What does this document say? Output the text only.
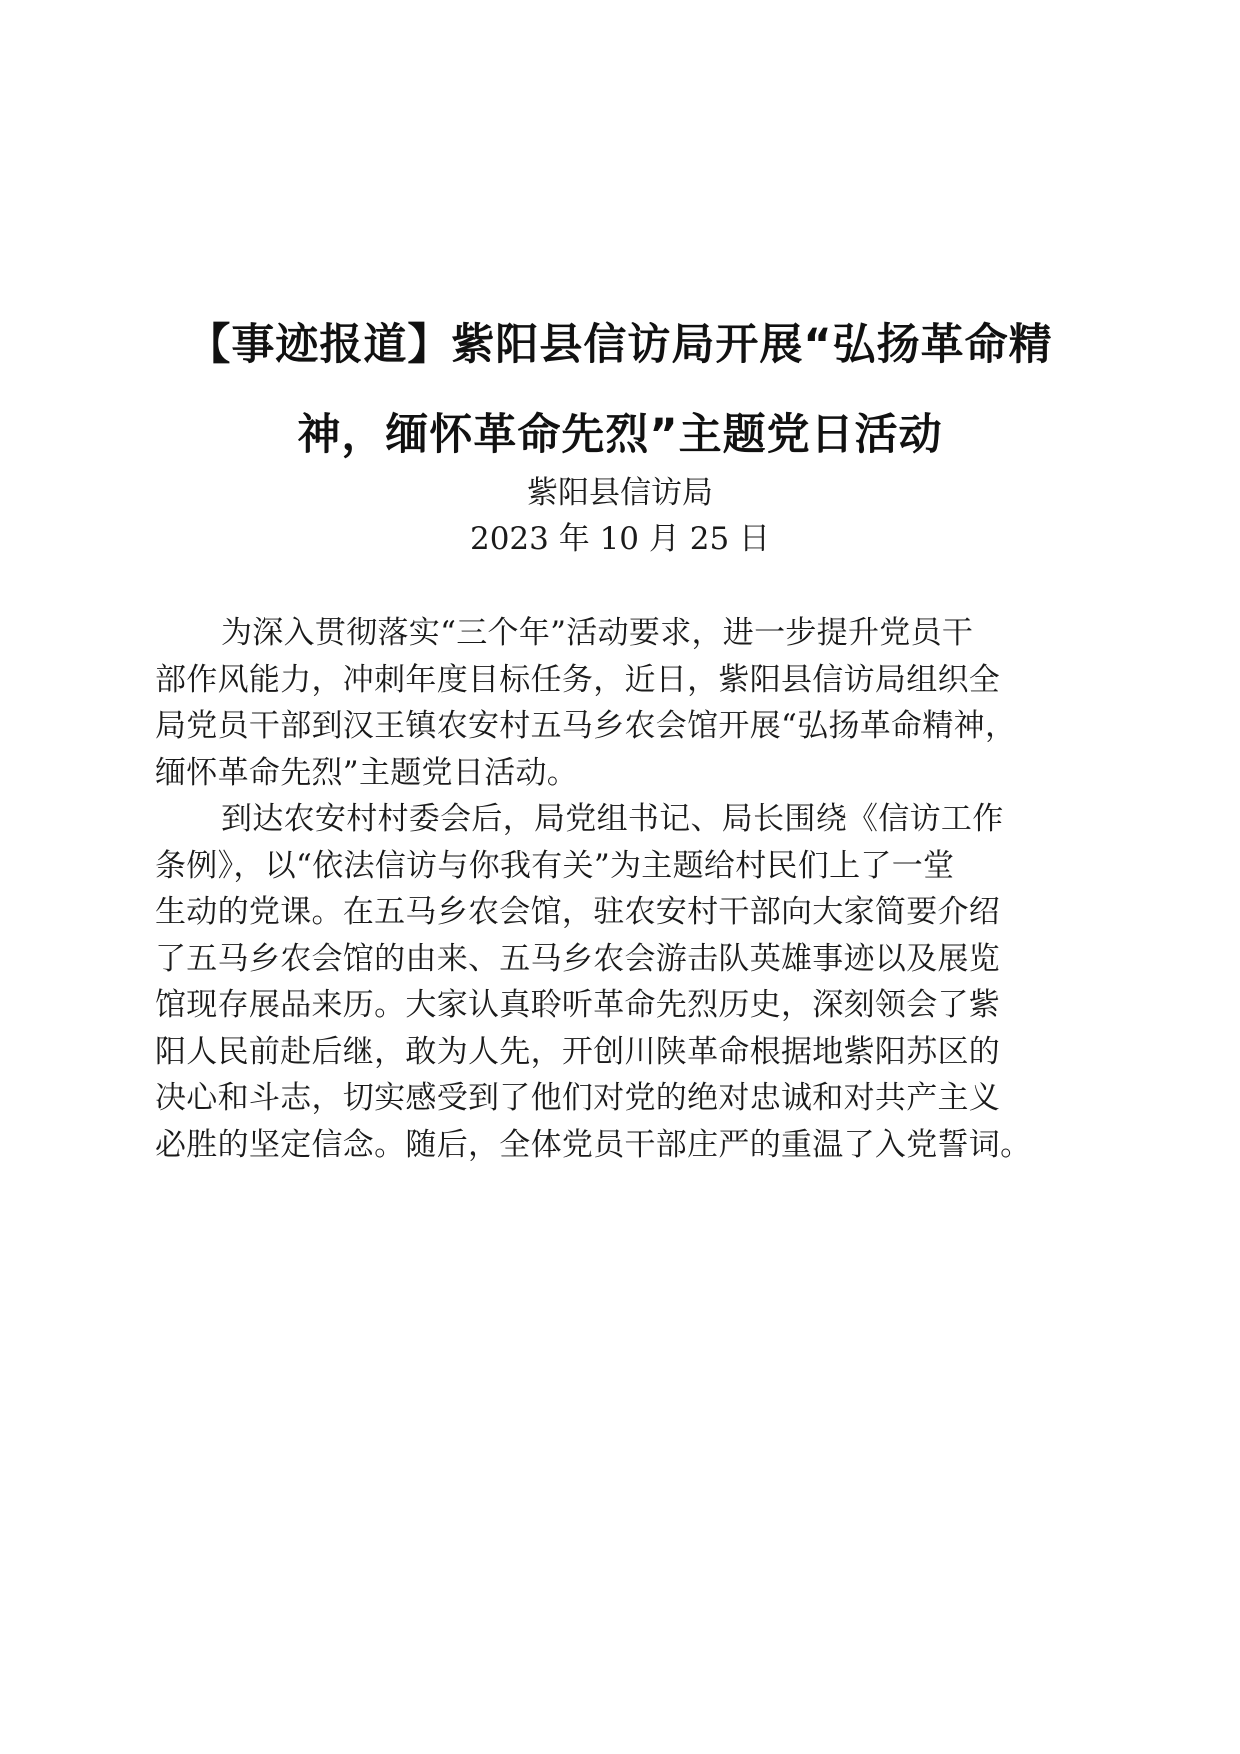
【事迹报道】紫阳县信访局开展“弘扬革命精
神，缅怀革命先烈”主题党日活动
紫阳县信访局
2023 年 10 月 25 日
为深入贯彻落实“三个年”活动要求，进一步提升党员干
部作风能力，冲刺年度目标任务，近日，紫阳县信访局组织全
局党员干部到汉王镇农安村五马乡农会馆开展“弘扬革命精神，
缅怀革命先烈”主题党日活动。
到达农安村村委会后，局党组书记、局长围绕《信访工作
条例》，以“依法信访与你我有关”为主题给村民们上了一堂
生动的党课。在五马乡农会馆，驻农安村干部向大家简要介绍
了五马乡农会馆的由来、五马乡农会游击队英雄事迹以及展览
馆现存展品来历。大家认真聆听革命先烈历史，深刻领会了紫
阳人民前赴后继，敢为人先，开创川陕革命根据地紫阳苏区的
决心和斗志，切实感受到了他们对党的绝对忠诚和对共产主义
必胜的坚定信念。随后，全体党员干部庄严的重温了入党誓词。
